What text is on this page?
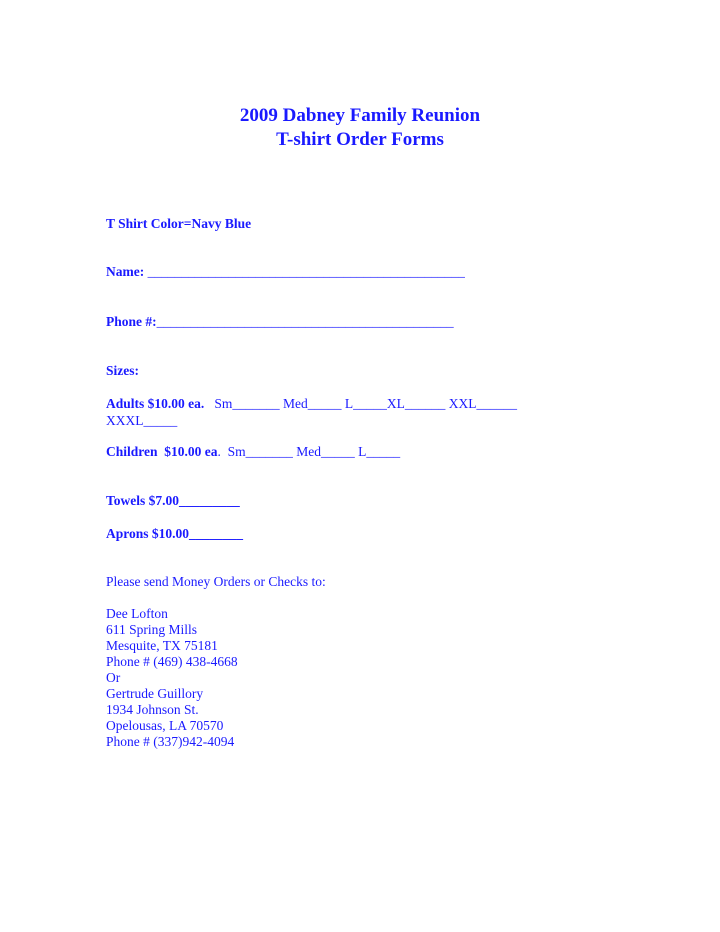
2009 Dabney Family Reunion
T-shirt Order Forms
T Shirt Color=Navy Blue
Name: _______________________________________________
Phone #:____________________________________________
Sizes:
Adults $10.00 ea.   Sm_______ Med_____ L_____XL______ XXL______
XXXL_____
Children  $10.00 ea.  Sm_______ Med_____ L_____
Towels $7.00_________
Aprons $10.00________
Please send Money Orders or Checks to:
Dee Lofton
611 Spring Mills
Mesquite, TX 75181
Phone # (469) 438-4668
Or
Gertrude Guillory
1934 Johnson St.
Opelousas, LA 70570
Phone # (337)942-4094
